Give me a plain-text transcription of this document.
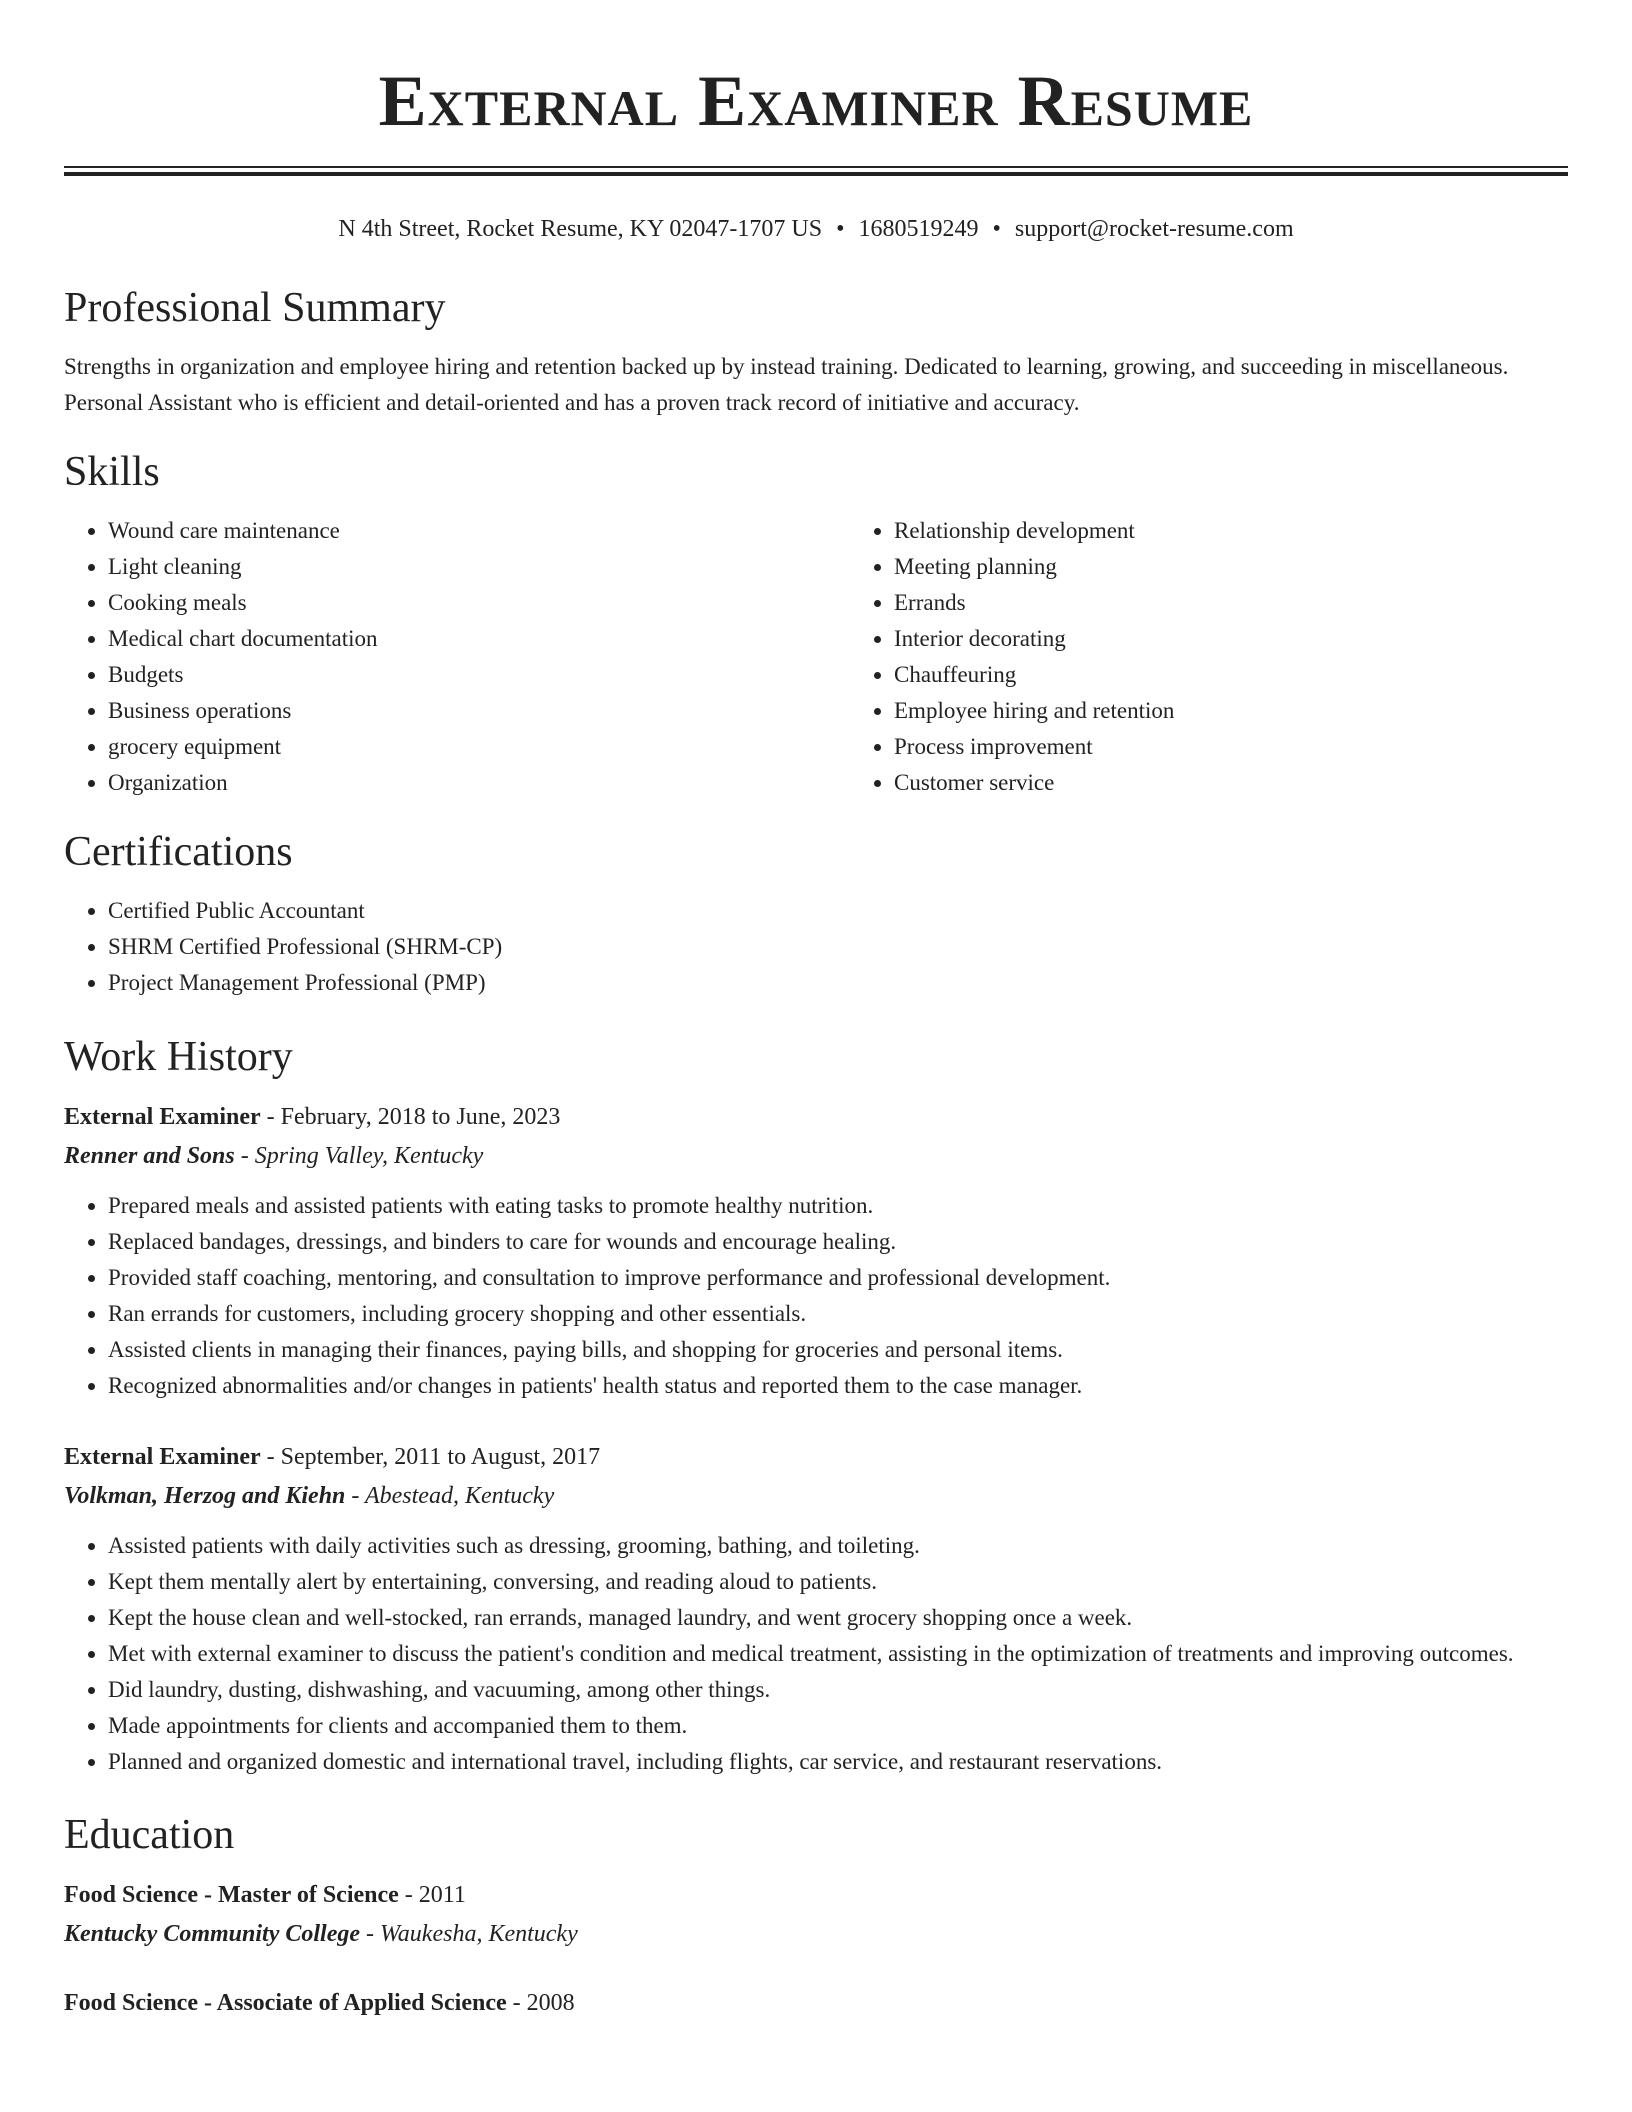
External Examiner Resume
N 4th Street, Rocket Resume, KY 02047-1707 US • 1680519249 • support@rocket-resume.com
Professional Summary

Strengths in organization and employee hiring and retention backed up by instead training. Dedicated to learning, growing, and succeeding in miscellaneous. Personal Assistant who is efficient and detail-oriented and has a proven track record of initiative and accuracy.

Skills
• Wound care maintenance
• Light cleaning
• Cooking meals
• Medical chart documentation
• Budgets
• Business operations
• grocery equipment
• Organization
• Relationship development
• Meeting planning
• Errands
• Interior decorating
• Chauffeuring
• Employee hiring and retention
• Process improvement
• Customer service
Certifications
• Certified Public Accountant
• SHRM Certified Professional (SHRM-CP)
• Project Management Professional (PMP)
Work History
External Examiner - February, 2018 to June, 2023
Renner and Sons - Spring Valley, Kentucky
• Prepared meals and assisted patients with eating tasks to promote healthy nutrition.
• Replaced bandages, dressings, and binders to care for wounds and encourage healing.
• Provided staff coaching, mentoring, and consultation to improve performance and professional development.
• Ran errands for customers, including grocery shopping and other essentials.
• Assisted clients in managing their finances, paying bills, and shopping for groceries and personal items.
• Recognized abnormalities and/or changes in patients' health status and reported them to the case manager.
External Examiner - September, 2011 to August, 2017
Volkman, Herzog and Kiehn - Abestead, Kentucky
• Assisted patients with daily activities such as dressing, grooming, bathing, and toileting.
• Kept them mentally alert by entertaining, conversing, and reading aloud to patients.
• Kept the house clean and well-stocked, ran errands, managed laundry, and went grocery shopping once a week.
• Met with external examiner to discuss the patient's condition and medical treatment, assisting in the optimization of treatments and improving outcomes.
• Did laundry, dusting, dishwashing, and vacuuming, among other things.
• Made appointments for clients and accompanied them to them.
• Planned and organized domestic and international travel, including flights, car service, and restaurant reservations.
Education
Food Science - Master of Science - 2011
Kentucky Community College - Waukesha, Kentucky
Food Science - Associate of Applied Science - 2008
